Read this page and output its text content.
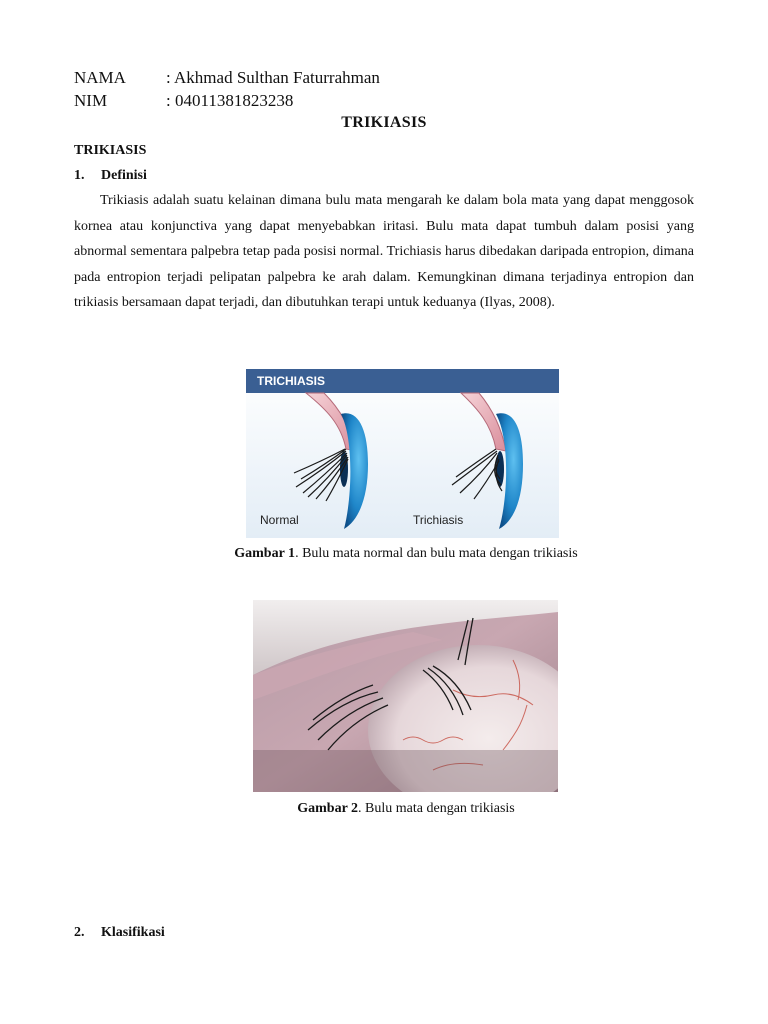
NAMA : Akhmad Sulthan Faturrahman
NIM	: 04011381823238
TRIKIASIS
TRIKIASIS
1. Definisi
Trikiasis adalah suatu kelainan dimana bulu mata mengarah ke dalam bola mata yang dapat menggosok kornea atau konjunctiva yang dapat menyebabkan iritasi. Bulu mata dapat tumbuh dalam posisi yang abnormal sementara palpebra tetap pada posisi normal. Trichiasis harus dibedakan daripada entropion, dimana pada entropion terjadi pelipatan palpebra ke arah dalam. Kemungkinan dimana terjadinya entropion dan trikiasis bersamaan dapat terjadi, dan dibutuhkan terapi untuk keduanya (Ilyas, 2008).
TRICHIASIS
Normal	Trichiasis
Gambar 1. Bulu mata normal dan bulu mata dengan trikiasis
Gambar 2. Bulu mata dengan trikiasis
2. Klasifikasi
